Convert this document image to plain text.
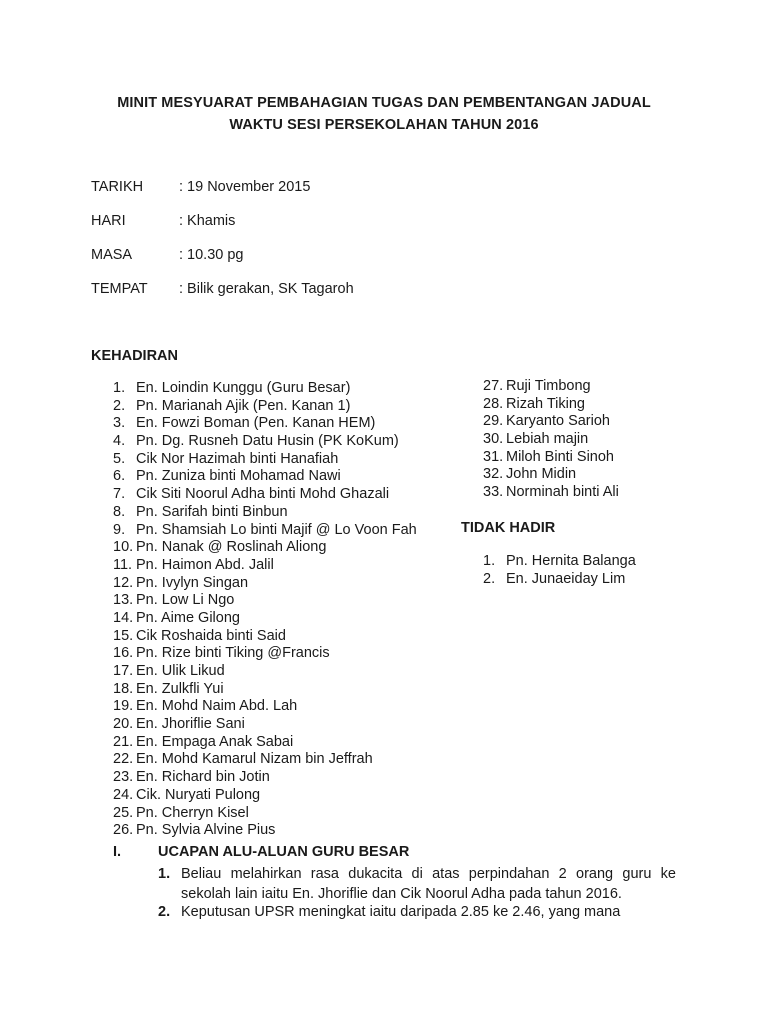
MINIT MESYUARAT PEMBAHAGIAN TUGAS DAN PEMBENTANGAN JADUAL
WAKTU SESI PERSEKOLAHAN TAHUN 2016
TARIKH	: 19 November 2015
HARI	: Khamis
MASA	: 10.30 pg
TEMPAT	: Bilik gerakan, SK Tagaroh
KEHADIRAN
1. En. Loindin Kunggu (Guru Besar)
2. Pn. Marianah Ajik (Pen. Kanan 1)
3. En. Fowzi Boman (Pen. Kanan HEM)
4. Pn. Dg. Rusneh Datu Husin (PK KoKum)
5. Cik Nor Hazimah binti Hanafiah
6. Pn. Zuniza binti Mohamad Nawi
7. Cik Siti Noorul Adha binti Mohd Ghazali
8. Pn. Sarifah binti Binbun
9. Pn. Shamsiah Lo binti Majif @ Lo Voon Fah
10. Pn. Nanak @ Roslinah Aliong
11. Pn. Haimon Abd. Jalil
12. Pn. Ivylyn Singan
13. Pn. Low Li Ngo
14. Pn. Aime Gilong
15. Cik Roshaida binti Said
16. Pn. Rize binti Tiking @Francis
17. En. Ulik Likud
18. En. Zulkfli Yui
19. En. Mohd Naim Abd. Lah
20. En. Jhoriflie Sani
21. En. Empaga Anak Sabai
22. En. Mohd Kamarul Nizam bin Jeffrah
23. En. Richard bin Jotin
24. Cik. Nuryati Pulong
25. Pn. Cherryn Kisel
26. Pn. Sylvia Alvine Pius
27. Ruji Timbong
28. Rizah Tiking
29. Karyanto Sarioh
30. Lebiah majin
31. Miloh Binti Sinoh
32. John Midin
33. Norminah binti Ali
TIDAK HADIR
1. Pn. Hernita Balanga
2. En. Junaeiday Lim
I.	UCAPAN ALU-ALUAN GURU BESAR
1. Beliau melahirkan rasa dukacita di atas perpindahan 2 orang guru ke sekolah lain iaitu En. Jhoriflie dan Cik Noorul Adha pada tahun 2016.
2. Keputusan UPSR meningkat iaitu daripada 2.85 ke 2.46, yang mana
